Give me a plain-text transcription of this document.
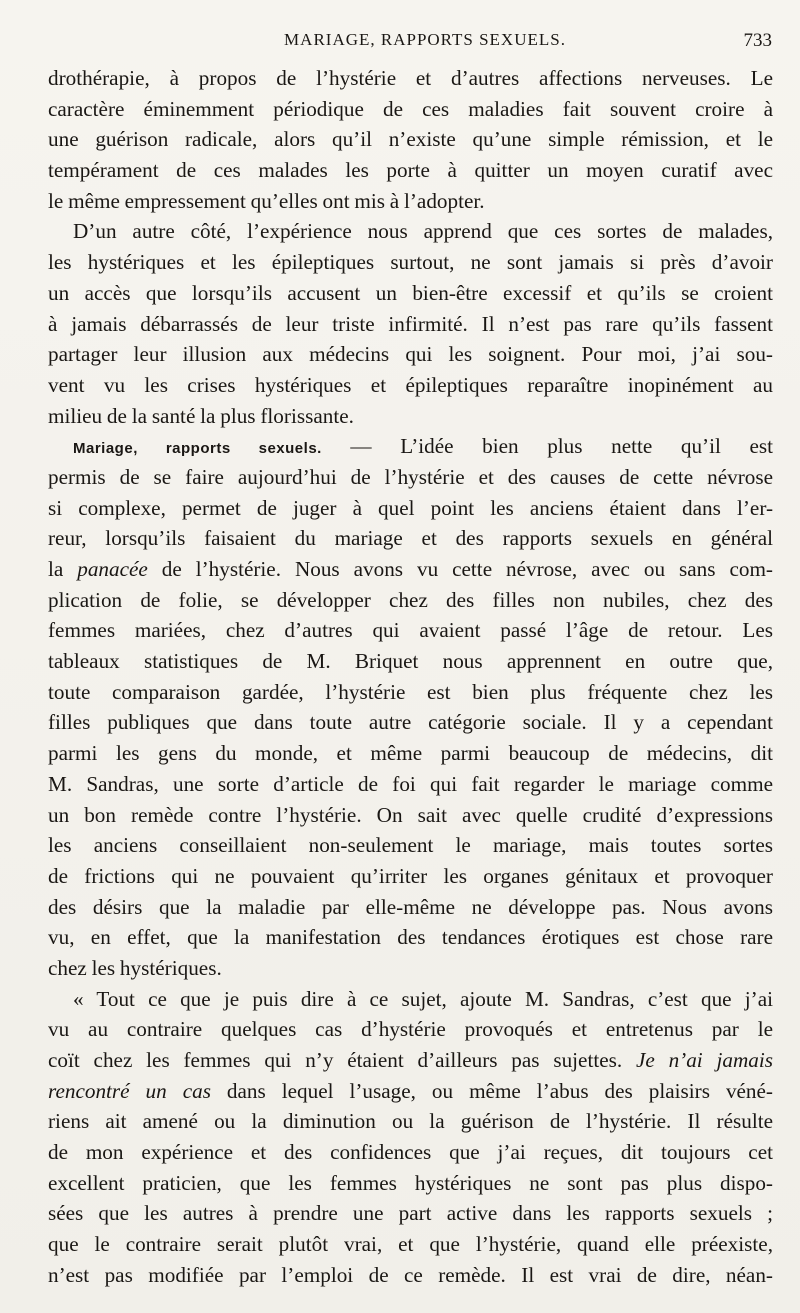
MARIAGE, RAPPORTS SEXUELS.	733
drothérapie, à propos de l’hystérie et d’autres affections nerveuses. Le
caractère éminemment périodique de ces maladies fait souvent croire à
une guérison radicale, alors qu’il n’existe qu’une simple rémission, et le
tempérament de ces malades les porte à quitter un moyen curatif avec
le même empressement qu’elles ont mis à l’adopter.
D’un autre côté, l’expérience nous apprend que ces sortes de malades,
les hystériques et les épileptiques surtout, ne sont jamais si près d’avoir
un accès que lorsqu’ils accusent un bien-être excessif et qu’ils se croient
à jamais débarrassés de leur triste infirmité. Il n’est pas rare qu’ils fassent
partager leur illusion aux médecins qui les soignent. Pour moi, j’ai sou-
vent vu les crises hystériques et épileptiques reparaître inopinément au
milieu de la santé la plus florissante.
Mariage, rapports sexuels. — L’idée bien plus nette qu’il est
permis de se faire aujourd’hui de l’hystérie et des causes de cette névrose
si complexe, permet de juger à quel point les anciens étaient dans l’er-
reur, lorsqu’ils faisaient du mariage et des rapports sexuels en général
la panacée de l’hystérie. Nous avons vu cette névrose, avec ou sans com-
plication de folie, se développer chez des filles non nubiles, chez des
femmes mariées, chez d’autres qui avaient passé l’âge de retour. Les
tableaux statistiques de M. Briquet nous apprennent en outre que,
toute comparaison gardée, l’hystérie est bien plus fréquente chez les
filles publiques que dans toute autre catégorie sociale. Il y a cependant
parmi les gens du monde, et même parmi beaucoup de médecins, dit
M. Sandras, une sorte d’article de foi qui fait regarder le mariage comme
un bon remède contre l’hystérie. On sait avec quelle crudité d’expressions
les anciens conseillaient non-seulement le mariage, mais toutes sortes
de frictions qui ne pouvaient qu’irriter les organes génitaux et provoquer
des désirs que la maladie par elle-même ne développe pas. Nous avons
vu, en effet, que la manifestation des tendances érotiques est chose rare
chez les hystériques.
« Tout ce que je puis dire à ce sujet, ajoute M. Sandras, c’est que j’ai
vu au contraire quelques cas d’hystérie provoqués et entretenus par le
coït chez les femmes qui n’y étaient d’ailleurs pas sujettes. Je n’ai jamais
rencontré un cas dans lequel l’usage, ou même l’abus des plaisirs véné-
riens ait amené ou la diminution ou la guérison de l’hystérie. Il résulte
de mon expérience et des confidences que j’ai reçues, dit toujours cet
excellent praticien, que les femmes hystériques ne sont pas plus dispo-
sées que les autres à prendre une part active dans les rapports sexuels ;
que le contraire serait plutôt vrai, et que l’hystérie, quand elle préexiste,
n’est pas modifiée par l’emploi de ce remède. Il est vrai de dire, néan-
